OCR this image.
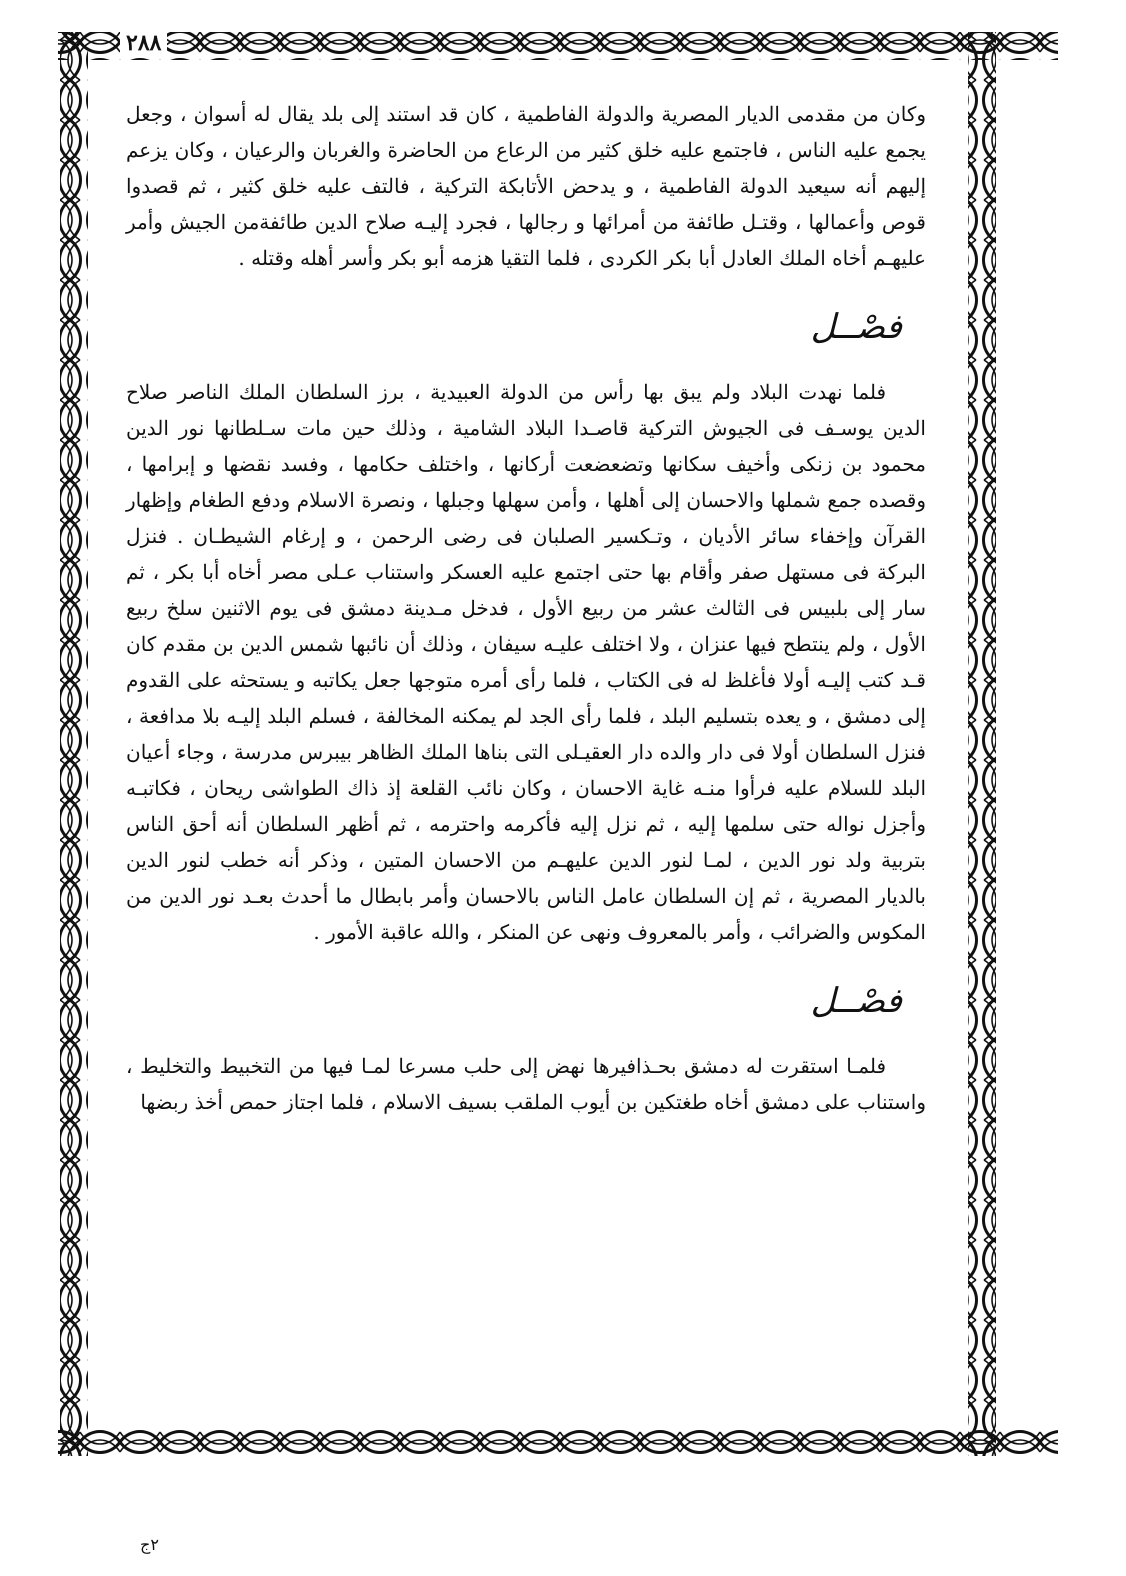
٢٨٨

وكان من مقدمى الديار المصرية والدولة الفاطمية ، كان قد استند إلى بلد يقال له أسوان ، وجعل يجمع عليه الناس ، فاجتمع عليه خلق كثير من الرعاع من الحاضرة والغربان والرعيان ، وكان يزعم إليهم أنه سيعيد الدولة الفاطمية ، و يدحض الأتابكة التركية ، فالتف عليه خلق كثير ، ثم قصدوا قوص وأعمالها ، وقتـل طائفة من أمرائها و رجالها ، فجرد إليـه صلاح الدين طائفةمن الجيش وأمر عليهـم أخاه الملك العادل أبا بكر الكردى ، فلما التقيا هزمه أبو بكر وأسر أهله وقتله .

فصْــل

فلما نهدت البلاد ولم يبق بها رأس من الدولة العبيدية ، برز السلطان الملك الناصر صلاح الدين يوسـف فى الجيوش التركية قاصـدا البلاد الشامية ، وذلك حين مات سـلطانها نور الدين محمود بن زنكى وأخيف سكانها وتضعضعت أركانها ، واختلف حكامها ، وفسد نقضها و إبرامها ، وقصده جمع شملها والاحسان إلى أهلها ، وأمن سهلها وجبلها ، ونصرة الاسلام ودفع الطغام وإظهار القرآن وإخفاء سائر الأديان ، وتـكسير الصلبان فى رضى الرحمن ، و إرغام الشيطـان . فنزل البركة فى مستهل صفر وأقام بها حتى اجتمع عليه العسكر واستناب عـلى مصر أخاه أبا بكر ، ثم سار إلى بلبيس فى الثالث عشر من ربيع الأول ، فدخل مـدينة دمشق فى يوم الاثنين سلخ ربيع الأول ، ولم ينتطح فيها عنزان ، ولا اختلف عليـه سيفان ، وذلك أن نائبها شمس الدين بن مقدم كان قـد كتب إليـه أولا فأغلظ له فى الكتاب ، فلما رأى أمره متوجها جعل يكاتبه و يستحثه على القدوم إلى دمشق ، و يعده بتسليم البلد ، فلما رأى الجد لم يمكنه المخالفة ، فسلم البلد إليـه بلا مدافعة ، فنزل السلطان أولا فى دار والده دار العقيـلى التى بناها الملك الظاهر بيبرس مدرسة ، وجاء أعيان البلد للسلام عليه فرأوا منـه غاية الاحسان ، وكان نائب القلعة إذ ذاك الطواشى ريحان ، فكاتبـه وأجزل نواله حتى سلمها إليه ، ثم نزل إليه فأكرمه واحترمه ، ثم أظهر السلطان أنه أحق الناس بتربية ولد نور الدين ، لمـا لنور الدين عليهـم من الاحسان المتين ، وذكر أنه خطب لنور الدين بالديار المصرية ، ثم إن السلطان عامل الناس بالاحسان وأمر بابطال ما أحدث بعـد نور الدين من المكوس والضرائب ، وأمر بالمعروف ونهى عن المنكر ، والله عاقبة الأمور .

فصْــل

فلمـا استقرت له دمشق بحـذافيرها نهض إلى حلب مسرعا لمـا فيها من التخبيط والتخليط ، واستناب على دمشق أخاه طغتكين بن أيوب الملقب بسيف الاسلام ، فلما اجتاز حمص أخذ ربضها

٢ج
